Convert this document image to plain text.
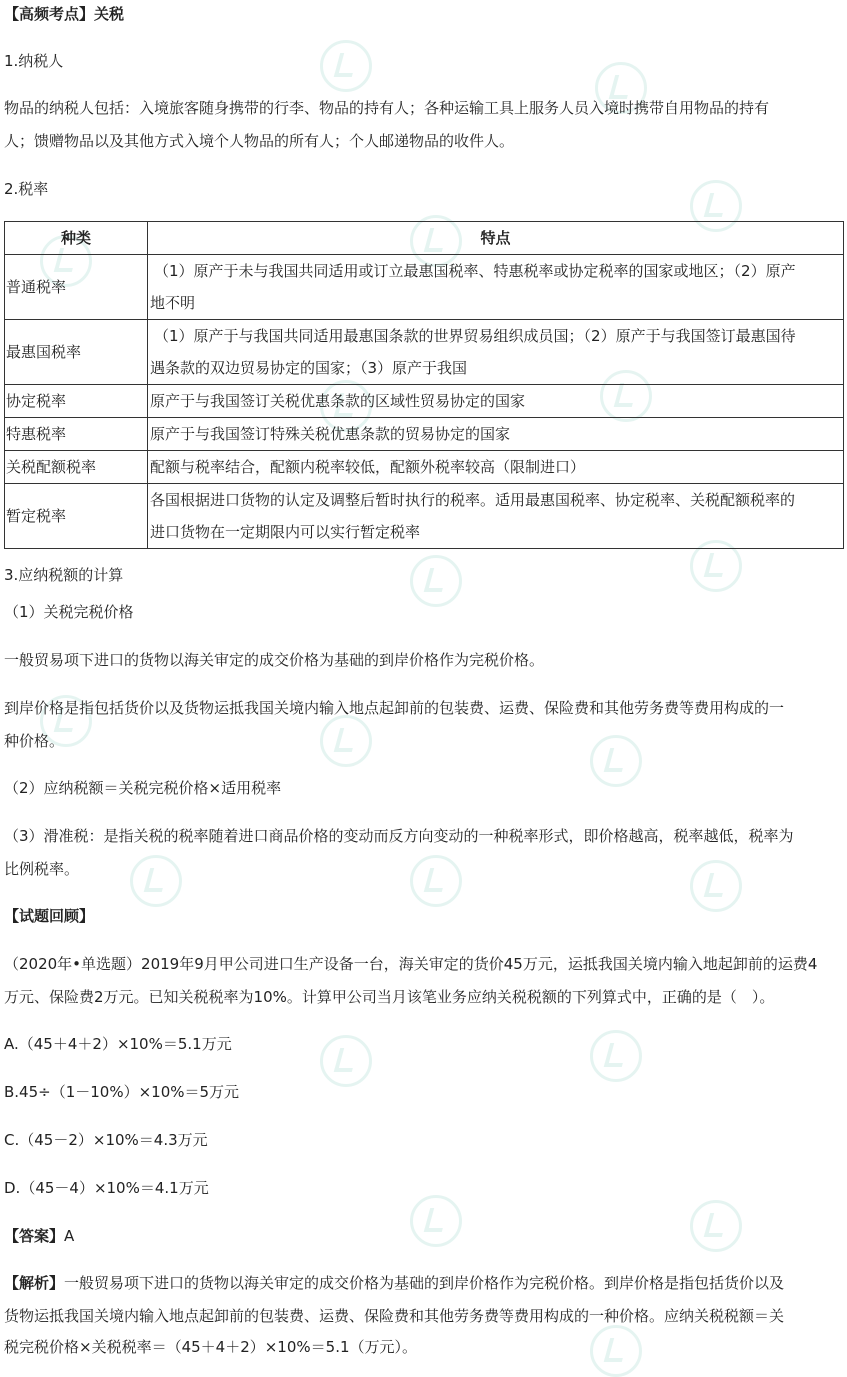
【高频考点】关税
1.纳税人
物品的纳税人包括：入境旅客随身携带的行李、物品的持有人；各种运输工具上服务人员入境时携带自用物品的持有
人；馈赠物品以及其他方式入境个人物品的所有人；个人邮递物品的收件人。
2.税率
种类	特点
普通税率	（1）原产于未与我国共同适用或订立最惠国税率、特惠税率或协定税率的国家或地区；（2）原产
地不明

最惠国税率	（1）原产于与我国共同适用最惠国条款的世界贸易组织成员国；（2）原产于与我国签订最惠国待
遇条款的双边贸易协定的国家；（3）原产于我国

协定税率	原产于与我国签订关税优惠条款的区域性贸易协定的国家

特惠税率	原产于与我国签订特殊关税优惠条款的贸易协定的国家

关税配额税率	配额与税率结合，配额内税率较低，配额外税率较高（限制进口）

暂定税率	各国根据进口货物的认定及调整后暂时执行的税率。适用最惠国税率、协定税率、关税配额税率的
进口货物在一定期限内可以实行暂定税率
3.应纳税额的计算
（1）关税完税价格
一般贸易项下进口的货物以海关审定的成交价格为基础的到岸价格作为完税价格。
到岸价格是指包括货价以及货物运抵我国关境内输入地点起卸前的包装费、运费、保险费和其他劳务费等费用构成的一
种价格。
（2）应纳税额＝关税完税价格×适用税率
（3）滑准税：是指关税的税率随着进口商品价格的变动而反方向变动的一种税率形式，即价格越高，税率越低，税率为
比例税率。
【试题回顾】
（2020年•单选题）2019年9月甲公司进口生产设备一台，海关审定的货价45万元，运抵我国关境内输入地起卸前的运费4
万元、保险费2万元。已知关税税率为10%。计算甲公司当月该笔业务应纳关税税额的下列算式中，正确的是（　）。
A.（45＋4＋2）×10%＝5.1万元
B.45÷（1－10%）×10%＝5万元
C.（45－2）×10%＝4.3万元
D.（45－4）×10%＝4.1万元
【答案】A
【解析】一般贸易项下进口的货物以海关审定的成交价格为基础的到岸价格作为完税价格。到岸价格是指包括货价以及
货物运抵我国关境内输入地点起卸前的包装费、运费、保险费和其他劳务费等费用构成的一种价格。应纳关税税额＝关
税完税价格×关税税率＝（45＋4＋2）×10%＝5.1（万元）。
